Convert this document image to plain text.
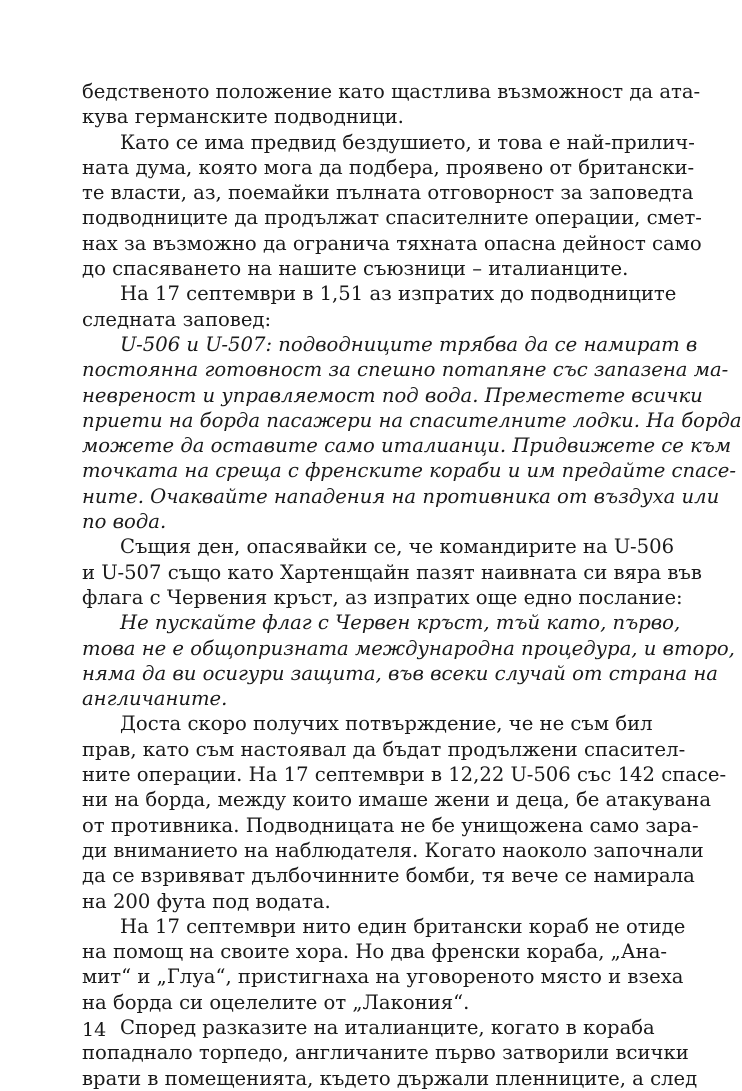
бедственото положение като щастлива възможност да ата-
кува германските подводници.
Като се има предвид бездушието, и това е най-прилич-
ната дума, която мога да подбера, проявено от британски-
те власти, аз, поемайки пълната отговорност за заповедта
подводниците да продължат спасителните операции, смет-
нах за възможно да огранича тяхната опасна дейност само
до спасяването на нашите съюзници – италианците.
На 17 септември в 1,51 аз изпратих до подводниците
следната заповед:
U-506 и U-507: подводниците трябва да се намират в
постоянна готовност за спешно потапяне със запазена ма-
невреност и управляемост под вода. Преместете всички
приети на борда пасажери на спасителните лодки. На борда
можете да оставите само италианци. Придвижете се към
точката на среща с френските кораби и им предайте спасе-
ните. Очаквайте нападения на противника от въздуха или
по вода.
Същия ден, опасявайки се, че командирите на U-506
и U-507 също като Хартенщайн пазят наивната си вяра във
флага с Червения кръст, аз изпратих още едно послание:
Не пускайте флаг с Червен кръст, тъй като, първо,
това не е общопризната международна процедура, и второ,
няма да ви осигури защита, във всеки случай от страна на
англичаните.
Доста скоро получих потвърждение, че не съм бил
прав, като съм настоявал да бъдат продължени спасител-
ните операции. На 17 септември в 12,22 U-506 със 142 спасе-
ни на борда, между които имаше жени и деца, бе атакувана
от противника. Подводницата не бе унищожена само зара-
ди вниманието на наблюдателя. Когато наоколо започнали
да се взривяват дълбочинните бомби, тя вече се намирала
на 200 фута под водата.
На 17 септември нито един британски кораб не отиде
на помощ на своите хора. Но два френски кораба, „Ана-
мит“ и „Глуа“, пристигнаха на уговореното място и взеха
на борда си оцелелите от „Лакония“.
Според разказите на италианците, когато в кораба
попаднало торпедо, англичаните първо затворили всички
врати в помещенията, където държали пленниците, а след
14
